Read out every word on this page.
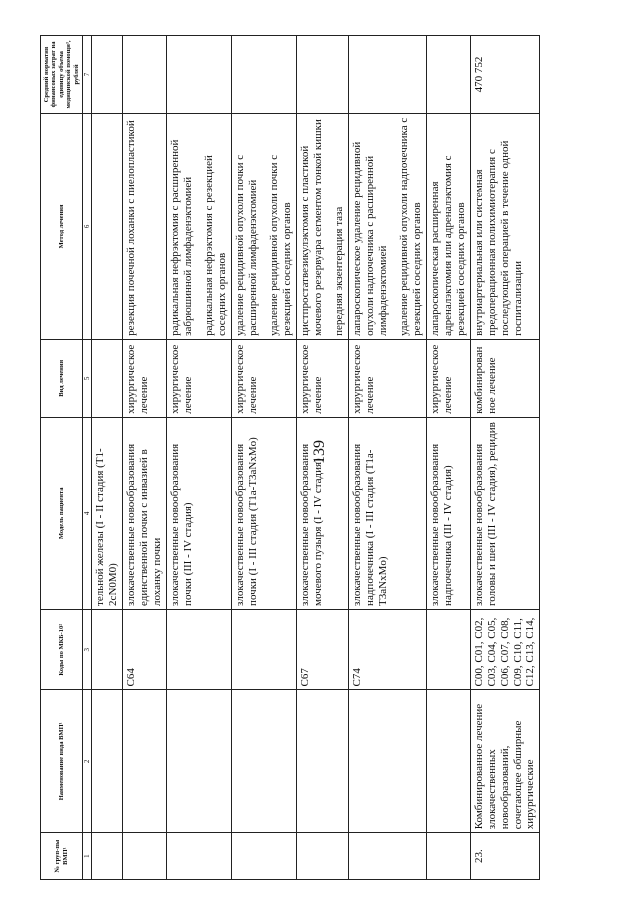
139
№ груп-пы ВМП¹	Наименование вида ВМП¹	Коды по МКБ-10²	Модель пациента	Вид лечения	Метод лечения	Средний норматив финансовых затрат на единицу объема медицинской помощи³, рублей
1	2	3	4	5	6	7
			тельной железы (I - II стадия (T1-2cN0M0)			
		C64	злокачественные новообразования единственной почки с инвазией в лоханку почки	хирургическое лечение	резекция почечной лоханки с пиелопластикой	

			злокачественные новообразования почки (III - IV стадия)	хирургическое лечение	радикальная нефрэктомия с расширенной забрюшинной лимфаденэктомией радикальная нефрэктомия с резекцией соседних органов	

			злокачественные новообразования почки (I - III стадия (T1a-T3aNxMo)	хирургическое лечение	удаление рецидивной опухоли почки с расширенной лимфаденэктомией удаление рецидивной опухоли почки с резекцией соседних органов	

		C67	злокачественные новообразования мочевого пузыря (I - IV стадия)	хирургическое лечение	цистпростатвезикулэктомия с пластикой мочевого резервуара сегментом тонкой кишки передняя экзентерация таза	

		C74	злокачественные новообразования надпочечника (I - III стадия (T1a-T3aNxMo)	хирургическое лечение	лапароскопическое удаление рецидивной опухоли надпочечника с расширенной лимфаденэктомией удаление рецидивной опухоли надпочечника с резекцией соседних органов	

			злокачественные новообразования надпочечника (III - IV стадия)	хирургическое лечение	лапароскопическая расширенная адреналэктомия или адреналэктомия с резекцией соседних органов	

23.	Комбинированное лечение злокачественных новообразований, сочетающее обширные хирургические	C00, C01, C02, C03, C04, C05, C06, C07, C08, C09, C10, C11, C12, C13, C14,	злокачественные новообразования головы и шеи (III - IV стадия), рецидив	комбинированное лечение	внутриартериальная или системная предоперационная полихимиотерапия с последующей операцией в течение одной госпитализации	470 752
